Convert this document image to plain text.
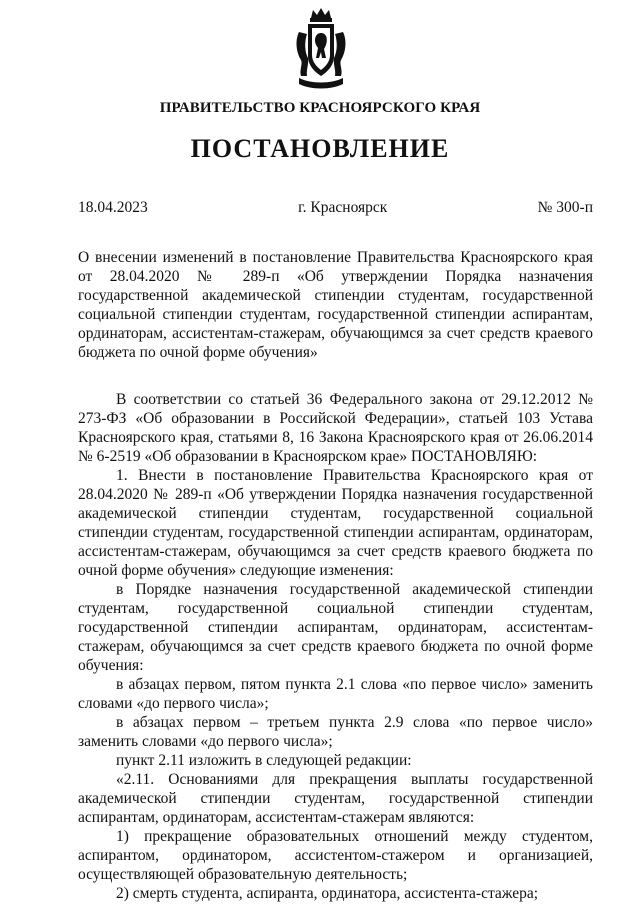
ПРАВИТЕЛЬСТВО КРАСНОЯРСКОГО КРАЯ
ПОСТАНОВЛЕНИЕ
18.04.2023	г. Красноярск	№ 300-п
О внесении изменений в постановление Правительства Красноярского края от 28.04.2020 № 289-п «Об утверждении Порядка назначения государственной академической стипендии студентам, государственной социальной стипендии студентам, государственной стипендии аспирантам, ординаторам, ассистентам-стажерам, обучающимся за счет средств краевого бюджета по очной форме обучения»

В соответствии со статьей 36 Федерального закона от 29.12.2012 № 273-ФЗ «Об образовании в Российской Федерации», статьей 103 Устава Красноярского края, статьями 8, 16 Закона Красноярского края от 26.06.2014 № 6-2519 «Об образовании в Красноярском крае» ПОСТАНОВЛЯЮ:

1. Внести в постановление Правительства Красноярского края от 28.04.2020 № 289-п «Об утверждении Порядка назначения государственной академической стипендии студентам, государственной социальной стипендии студентам, государственной стипендии аспирантам, ординаторам, ассистентам-стажерам, обучающимся за счет средств краевого бюджета по очной форме обучения» следующие изменения:

в Порядке назначения государственной академической стипендии студентам, государственной социальной стипендии студентам, государственной стипендии аспирантам, ординаторам, ассистентам-стажерам, обучающимся за счет средств краевого бюджета по очной форме обучения:

в абзацах первом, пятом пункта 2.1 слова «по первое число» заменить словами «до первого числа»;

в абзацах первом – третьем пункта 2.9 слова «по первое число» заменить словами «до первого числа»;

пункт 2.11 изложить в следующей редакции:

«2.11. Основаниями для прекращения выплаты государственной академической стипендии студентам, государственной стипендии аспирантам, ординаторам, ассистентам-стажерам являются:

1) прекращение образовательных отношений между студентом, аспирантом, ординатором, ассистентом-стажером и организацией, осуществляющей образовательную деятельность;

2) смерть студента, аспиранта, ординатора, ассистента-стажера;
